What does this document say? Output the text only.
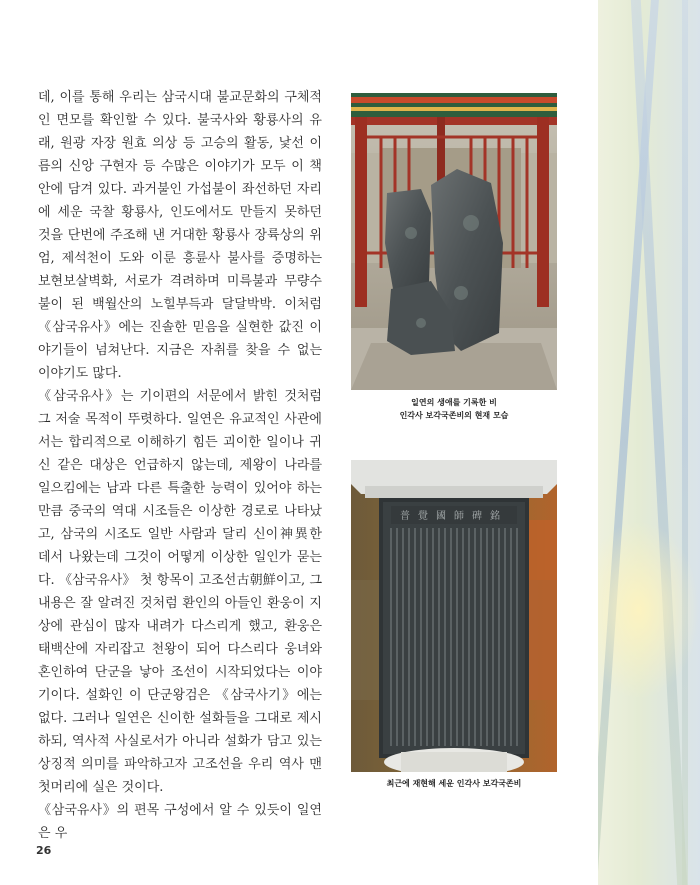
데, 이를 통해 우리는 삼국시대 불교문화의 구체적인 면모를 확인할 수 있다. 불국사와 황룡사의 유래, 원광 자장 원효 의상 등 고승의 활동, 낯선 이름의 신앙 구현자 등 수많은 이야기가 모두 이 책 안에 담겨 있다. 과거불인 가섭불이 좌선하던 자리에 세운 국찰 황룡사, 인도에서도 만들지 못하던 것을 단번에 주조해 낸 거대한 황룡사 장륙상의 위엄, 제석천이 도와 이룬 흥륜사 불사를 증명하는 보현보살벽화, 서로가 격려하며 미륵불과 무량수불이 된 백월산의 노힐부득과 달달박박. 이처럼 《삼국유사》에는 진솔한 믿음을 실현한 값진 이야기들이 넘쳐난다. 지금은 자취를 찾을 수 없는 이야기도 많다.

《삼국유사》는 기이편의 서문에서 밝힌 것처럼 그 저술 목적이 뚜렷하다. 일연은 유교적인 사관에서는 합리적으로 이해하기 힘든 괴이한 일이나 귀신 같은 대상은 언급하지 않는데, 제왕이 나라를 일으킴에는 남과 다른 특출한 능력이 있어야 하는 만큼 중국의 역대 시조들은 이상한 경로로 나타났고, 삼국의 시조도 일반 사람과 달리 신이神異한 데서 나왔는데 그것이 어떻게 이상한 일인가 묻는다. 《삼국유사》 첫 항목이 고조선古朝鮮이고, 그 내용은 잘 알려진 것처럼 환인의 아들인 환웅이 지상에 관심이 많자 내려가 다스리게 했고, 환웅은 태백산에 자리잡고 천왕이 되어 다스리다 웅녀와 혼인하여 단군을 낳아 조선이 시작되었다는 이야기이다. 설화인 이 단군왕검은 《삼국사기》에는 없다. 그러나 일연은 신이한 설화들을 그대로 제시하되, 역사적 사실로서가 아니라 설화가 담고 있는 상징적 의미를 파악하고자 고조선을 우리 역사 맨 첫머리에 실은 것이다.

《삼국유사》의 편목 구성에서 알 수 있듯이 일연은 우

일연의 생애를 기록한 비
인각사 보각국존비의 현재 모습
普覺國師碑銘
최근에 재현해 세운 인각사 보각국존비
26
